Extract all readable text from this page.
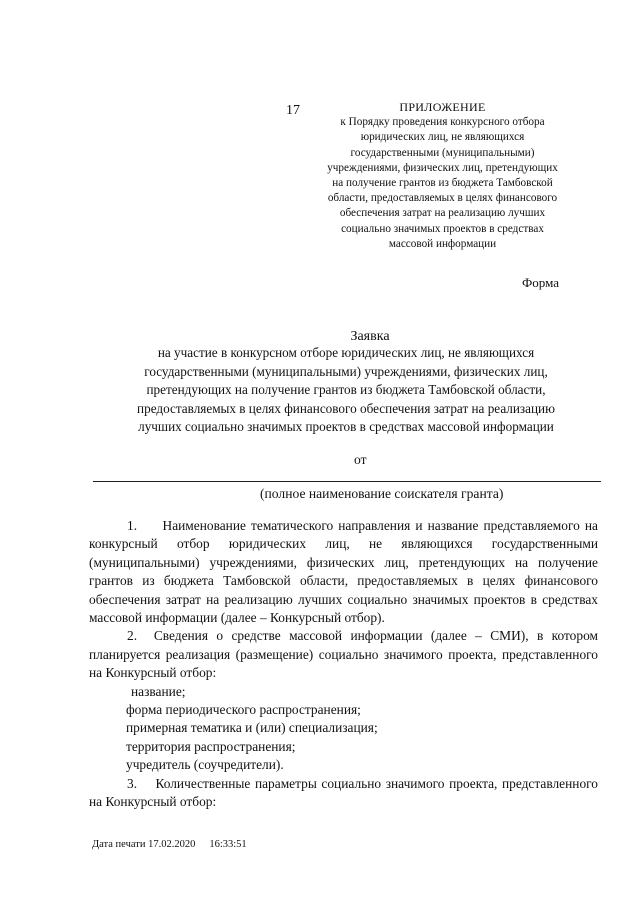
17	ПРИЛОЖЕНИЕ
к Порядку проведения конкурсного отбора
юридических лиц, не являющихся
государственными (муниципальными)
учреждениями, физических лиц, претендующих
на получение грантов из бюджета Тамбовской
области, предоставляемых в целях финансового
обеспечения затрат на реализацию лучших
социально значимых проектов в средствах
массовой информации
Форма
Заявка
на участие в конкурсном отборе юридических лиц, не являющихся
государственными (муниципальными) учреждениями, физических лиц,
претендующих на получение грантов из бюджета Тамбовской области,
предоставляемых в целях финансового обеспечения затрат на реализацию
лучших социально значимых проектов в средствах массовой информации
от
(полное наименование соискателя гранта)

1.     Наименование тематического направления и название представляемого на конкурсный отбор юридических лиц, не являющихся государственными (муниципальными) учреждениями, физических лиц, претендующих на получение грантов из бюджета Тамбовской области, предоставляемых в целях финансового обеспечения затрат на реализацию лучших социально значимых проектов в средствах массовой информации (далее – Конкурсный отбор).

2.  Сведения о средстве массовой информации (далее – СМИ), в котором планируется реализация (размещение) социально значимого проекта, представленного на Конкурсный отбор:

название;

форма периодического распространения;

примерная тематика и (или) специализация;

территория распространения;

учредитель (соучредители).

3.    Количественные параметры социально значимого проекта, представленного на Конкурсный отбор:

Дата печати 17.02.2020 16:33:51
